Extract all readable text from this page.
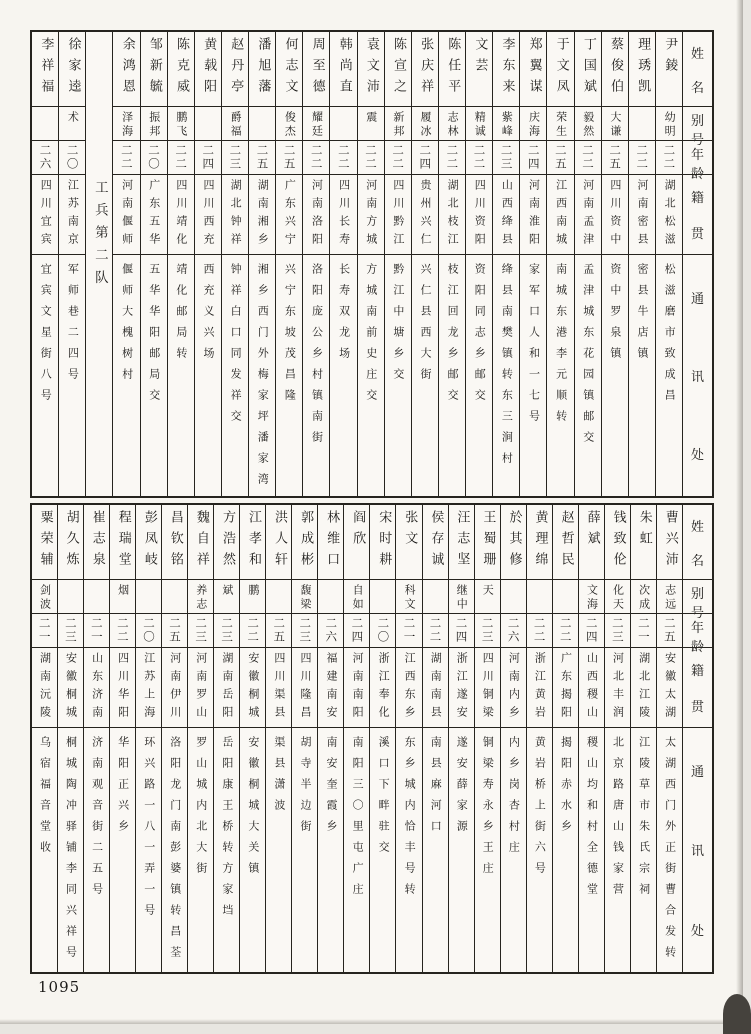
姓
名
别
号
年
龄
籍
贯
通
讯
处
尹錂
幼明
二二
湖北松滋
松滋磨市致成昌
理琇凯
二二
河南密县
密县牛店镇
蔡俊伯
大谦
二五
四川资中
资中罗泉镇
丁国斌
毅然
二二
河南孟津
孟津城东花园镇邮交
于文凤
荣生
二五
江西南城
南城东港李元顺转
郑翼谋
庆海
二四
河南淮阳
家军口人和一七号
李东来
紫峰
二三
山西绛县
绛县南樊镇转东三涧村
文芸
精诚
二二
四川资阳
资阳同志乡邮交
陈任平
志林
二二
湖北枝江
枝江回龙乡邮交
张庆祥
履冰
二四
贵州兴仁
兴仁县西大街
陈宣之
新邦
二二
四川黔江
黔江中塘乡交
袁文沛
震
二二
河南方城
方城南前史庄交
韩尚直
二二
四川长寿
长寿双龙场
周至德
耀廷
二二
河南洛阳
洛阳庞公乡村镇南街
何志文
俊杰
二五
广东兴宁
兴宁东坡茂昌隆
潘旭藩
二五
湖南湘乡
湘乡西门外梅家坪潘家湾
赵丹亭
爵福
二三
湖北钟祥
钟祥白口同发祥交
黄载阳
二四
四川西充
西充义兴场
陈克威
鹏飞
二二
四川靖化
靖化邮局转
邹新毓
振邦
二〇
广东五华
五华华阳邮局交
余鸿恩
泽海
二二
河南偃师
偃师大槐树村
工兵第二队
徐家逵
术
二〇
江苏南京
军师巷二四号
李祥福
二六
四川宜宾
宜宾文星街八号
姓
名
别
号
年
龄
籍
贯
通
讯
处
曹兴沛
志远
二五
安徽太湖
太湖西门外正街曹合发转
朱虹
次成
二一
湖北江陵
江陵草市朱氏宗祠
钱致伦
化天
二三
河北丰润
北京路唐山钱家营
薛斌
文海
二四
山西稷山
稷山均和村全德堂
赵哲民
二二
广东揭阳
揭阳赤水乡
黄理绵
二二
浙江黄岩
黄岩桥上街六号
於其修
二六
河南内乡
内乡岗杏村庄
王蜀珊
天
二三
四川铜梁
铜梁寿永乡王庄
汪志坚
继中
二四
浙江遂安
遂安薛家源
侯存诚
二二
湖南南县
南县麻河口
张文
科文
二一
江西东乡
东乡城内恰丰号转
宋时耕
二〇
浙江奉化
溪口下畔驻交
阎欣
自如
二四
河南南阳
南阳三〇里屯广庄
林维口
二六
福建南安
南安奎霞乡
郭成彬
馥梁
二三
四川隆昌
胡寺半边街
洪人轩
二五
四川渠县
渠县潇波
江孝和
鹏
二二
安徽桐城
安徽桐城大关镇
方浩然
斌
二三
湖南岳阳
岳阳康王桥转方家垱
魏自祥
养志
二三
河南罗山
罗山城内北大街
昌钦铭
二五
河南伊川
洛阳龙门南彭婆镇转昌荃
彭凤岐
二〇
江苏上海
环兴路一八一弄一号
程瑞堂
烟
二二
四川华阳
华阳正兴乡
崔志泉
二一
山东济南
济南观音街二五号
胡久炼
二三
安徽桐城
桐城陶冲驿铺李同兴祥号
粟荣辅
剑波
二一
湖南沅陵
乌宿福音堂收
1095
